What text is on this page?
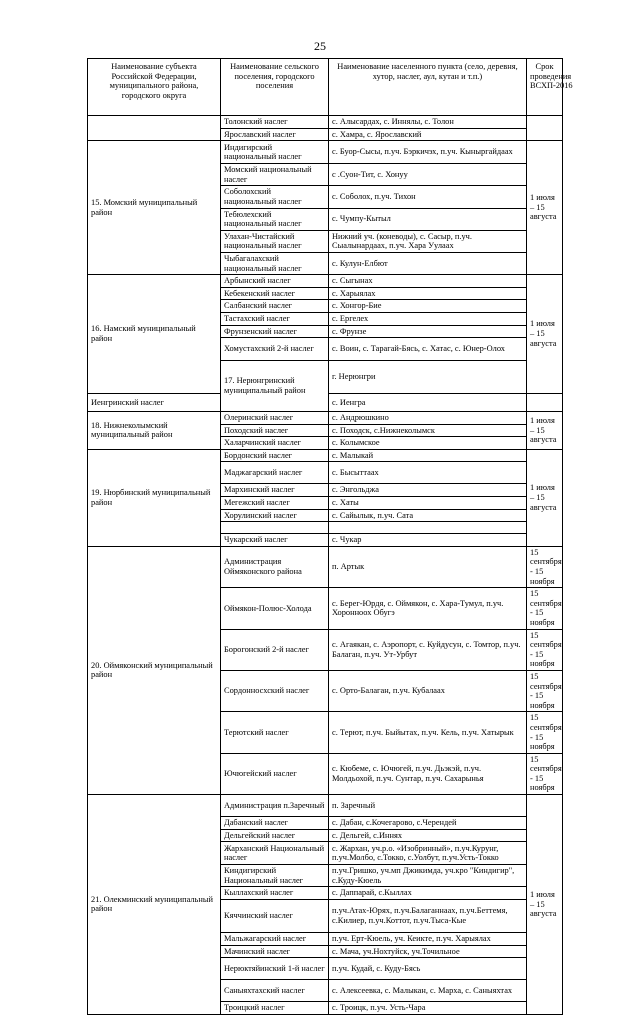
25
Наименование субъекта Российской Федерации, муниципального района, городского округа	Наименование сельского поселения, городского поселения	Наименование населенного пункта (село, деревня, хутор, наслег, аул, кутан и т.п.)	Срок проведения ВСХП-2016	
	Толонский наслег	с. Алысардах, с. Иннялы, с. Толон		
	Ярославский наслег	с. Хамра, с. Ярославский		
15. Момский муниципальный район	Индигирский национальный наслег	с. Буор-Сысы, п.уч. Бэркичэх, п.уч. Кыныргайдаах	1 июля – 15 августа	
	Момский национальный наслег	с .Суон-Тит, с. Хонуу		
	Соболохский национальный наслег	с. Соболох, п.уч. Тихон		
	Тебюлехский национальный наслег	с. Чумпу-Кытыл		
	Улахан-Чистайский национальный наслег	Нижний уч. (коневоды), с. Сасыр, п.уч. Сыалынардаах, п.уч. Хара Уулаах		
	Чыбагалахский национальный наслег	с. Кулун-Елбют		
16. Намский муниципальный район	Арбынский наслег	с. Сыгынах	1 июля – 15 августа	
	Кебекенский наслег	с. Харыялах		
	Салбанский наслег	с. Хонгор-Бие		
	Тастахский наслег	с. Ергелех		
	Фрунзенский наслег	с. Фрунзе		
	Хомустахский 2-й наслег	с. Воин, с. Тарагай-Бясь, с. Хатас, с. Юнер-Олох		
	17. Нерюнгринский муниципальный район	г. Нерюнгри		
Иенгринский наслег		с. Иенгра		
18. Нижнеколымский муниципальный район	Олеринский наслег	с. Андрюшкино	1 июля – 15 августа	
	Походский наслег	с. Походск, с.Нижнеколымск		
	Халарчинский наслег	с. Колымское		
19. Нюрбинский муниципальный район	Бордонский наслег	с. Малыкай	1 июля – 15 августа	
	Маджагарский наслег	с. Бысыттаах		
	Мархинский наслег	с. Энгольджа		
	Мегежский наслег	с. Хаты		
	Хорулинский наслег	с. Сайылык, п.уч. Сата		

	Чукарский наслег	с. Чукар		
20. Оймяконский муниципальный район	Администрация Оймяконского района	п. Артык	15 сентября - 15 ноября	
	Оймякон-Полюс-Холода	с. Берег-Юрдя, с. Оймякон, с. Хара-Тумул, п.уч. Хоронноох Обугэ	15 сентября - 15 ноября	
	Борогонский 2-й наслег	с. Агаякан, с. Аэропорт, с. Куйдусун, с. Томтор, п.уч. Балаган, п.уч. Ут-Урбут	15 сентября - 15 ноября	
	Сордонносхский наслег	с. Орто-Балаган, п.уч. Кубалаах	15 сентября - 15 ноября	
	Терютский наслег	с. Терют, п.уч. Быйытах, п.уч. Кель, п.уч. Хатырык	15 сентября - 15 ноября	
	Ючюгейский наслег	с. Кюбеме, с. Ючюгей, п.уч. Дьэкэй, п.уч. Молдьохой, п.уч. Сунтар, п.уч. Сахарынья	15 сентября - 15 ноября	
21. Олекминский муниципальный район	Администрация п.Заречный	п. Заречный	1 июля – 15 августа	
	Дабанский наслег	с. Дабан, с.Кочегарово, с.Черендей		
	Дельгейский наслег	с. Дельгей, с.Иннях		
	Жарханский Национальный наслег	с. Жархан, уч.р.о. «Изобринный», п.уч.Курунг, п.уч.Молбо, с.Токко, с.Уолбут, п.уч.Усть-Токко		
	Киндигирский Национальный наслег	п.уч.Гришко, уч.мп Джикимда, уч.кро "Киндигир", с.Куду-Кюель		
	Кыллахский наслег	с. Даппарай, с.Кыллах		
	Кяччинский наслег	п.уч.Атах-Юрях, п.уч.Балаганнаах, п.уч.Беттемя, с.Килиер, п.уч.Коттот, п.уч.Тыса-Кые		
	Мальжагарский наслег	п.уч. Ерт-Кюель, уч. Кеикте, п.уч. Харыялах		
	Мачинский наслег	с. Мача, уч.Нохтуйск, уч.Точильное		
	Нерюктяйинский 1-й наслег	п.уч. Кудай, с. Куду-Бясь		
	Саныяхтахский наслег	с. Алексеевка, с. Малыкан, с. Марха, с. Саныяхтах		
	Троицкий наслег	с. Троицк, п.уч. Усть-Чара		
